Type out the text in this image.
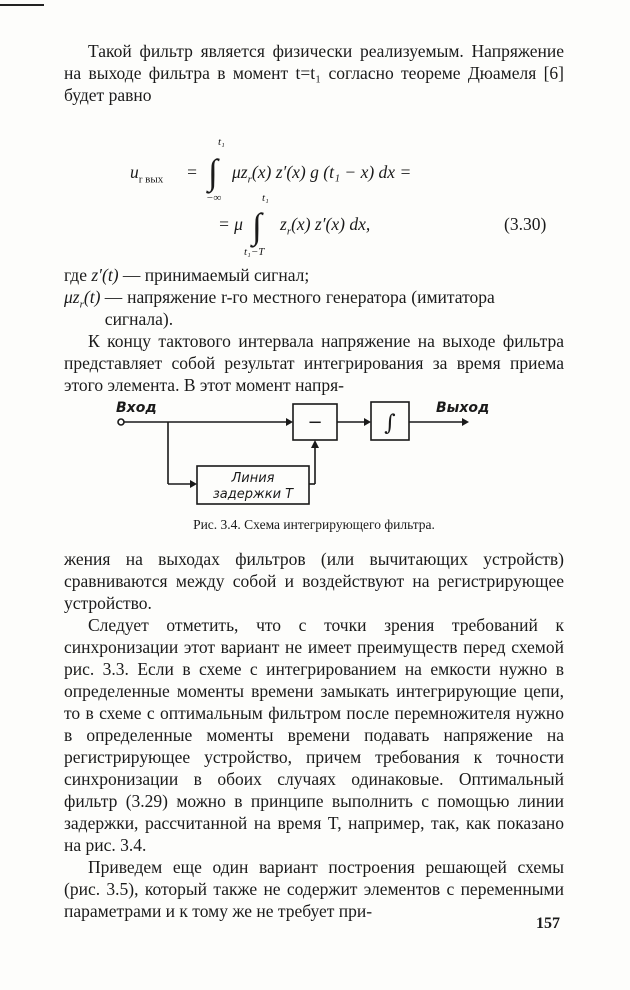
Такой фильтр является физически реализуемым. Напряжение на выходе фильтра в момент t=t₁ согласно теореме Дюамеля [6] будет равно

$u_{r вых}$ =
t₁
∫
−∞
$\mu z_r(x)$ z′(x) g (t₁ − x) dx =
= μ
t₁
∫
t₁−T
$z_r(x)$ z′(x) dx,	(3.30)
где z′(t) — принимаемый сигнал;
$\mu z_r(t)$ — напряжение r-го местного генератора (имитатора сигнала).

К концу тактового интервала напряжение на выходе фильтра представляет собой результат интегрирования за время приема этого элемента. В этот момент напря-

Вход	Выход
−	∫
Линия
задержки T

Рис. 3.4. Схема интегрирующего фильтра.

жения на выходах фильтров (или вычитающих устройств) сравниваются между собой и воздействуют на регистрирующее устройство.

Следует отметить, что с точки зрения требований к синхронизации этот вариант не имеет преимуществ перед схемой рис. 3.3. Если в схеме с интегрированием на емкости нужно в определенные моменты времени замыкать интегрирующие цепи, то в схеме с оптимальным фильтром после перемножителя нужно в определенные моменты времени подавать напряжение на регистрирующее устройство, причем требования к точности синхронизации в обоих случаях одинаковые. Оптимальный фильтр (3.29) можно в принципе выполнить с помощью линии задержки, рассчитанной на время T, например, так, как показано на рис. 3.4.

Приведем еще один вариант построения решающей схемы (рис. 3.5), который также не содержит элементов с переменными параметрами и к тому же не требует при-

157
